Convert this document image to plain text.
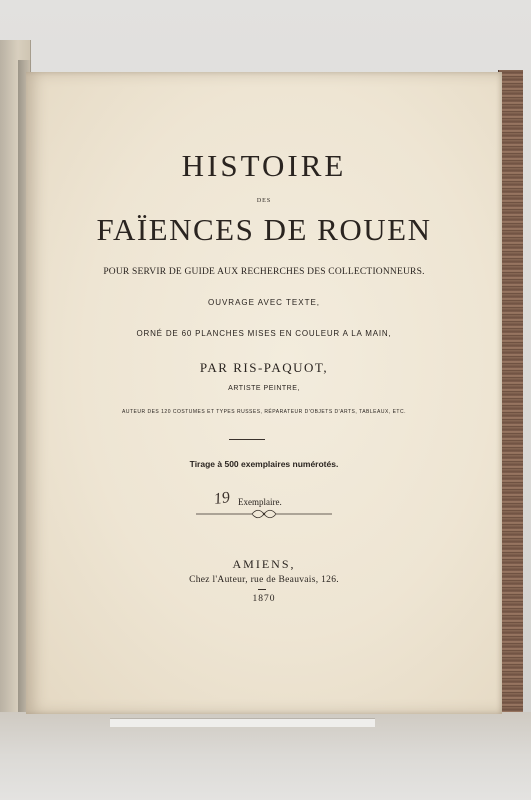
HISTOIRE
DES
FAÏENCES DE ROUEN
POUR SERVIR DE GUIDE AUX RECHERCHES DES COLLECTIONNEURS.
OUVRAGE AVEC TEXTE,
ORNÉ DE 60 PLANCHES MISES EN COULEUR A LA MAIN,
PAR RIS-PAQUOT,
ARTISTE PEINTRE,
AUTEUR DES 120 COSTUMES ET TYPES RUSSES, RÉPARATEUR D'OBJETS D'ARTS, TABLEAUX, ETC.
Tirage à 500 exemplaires numérotés.
19 Exemplaire.
AMIENS,
Chez l'Auteur, rue de Beauvais, 126.
1870
